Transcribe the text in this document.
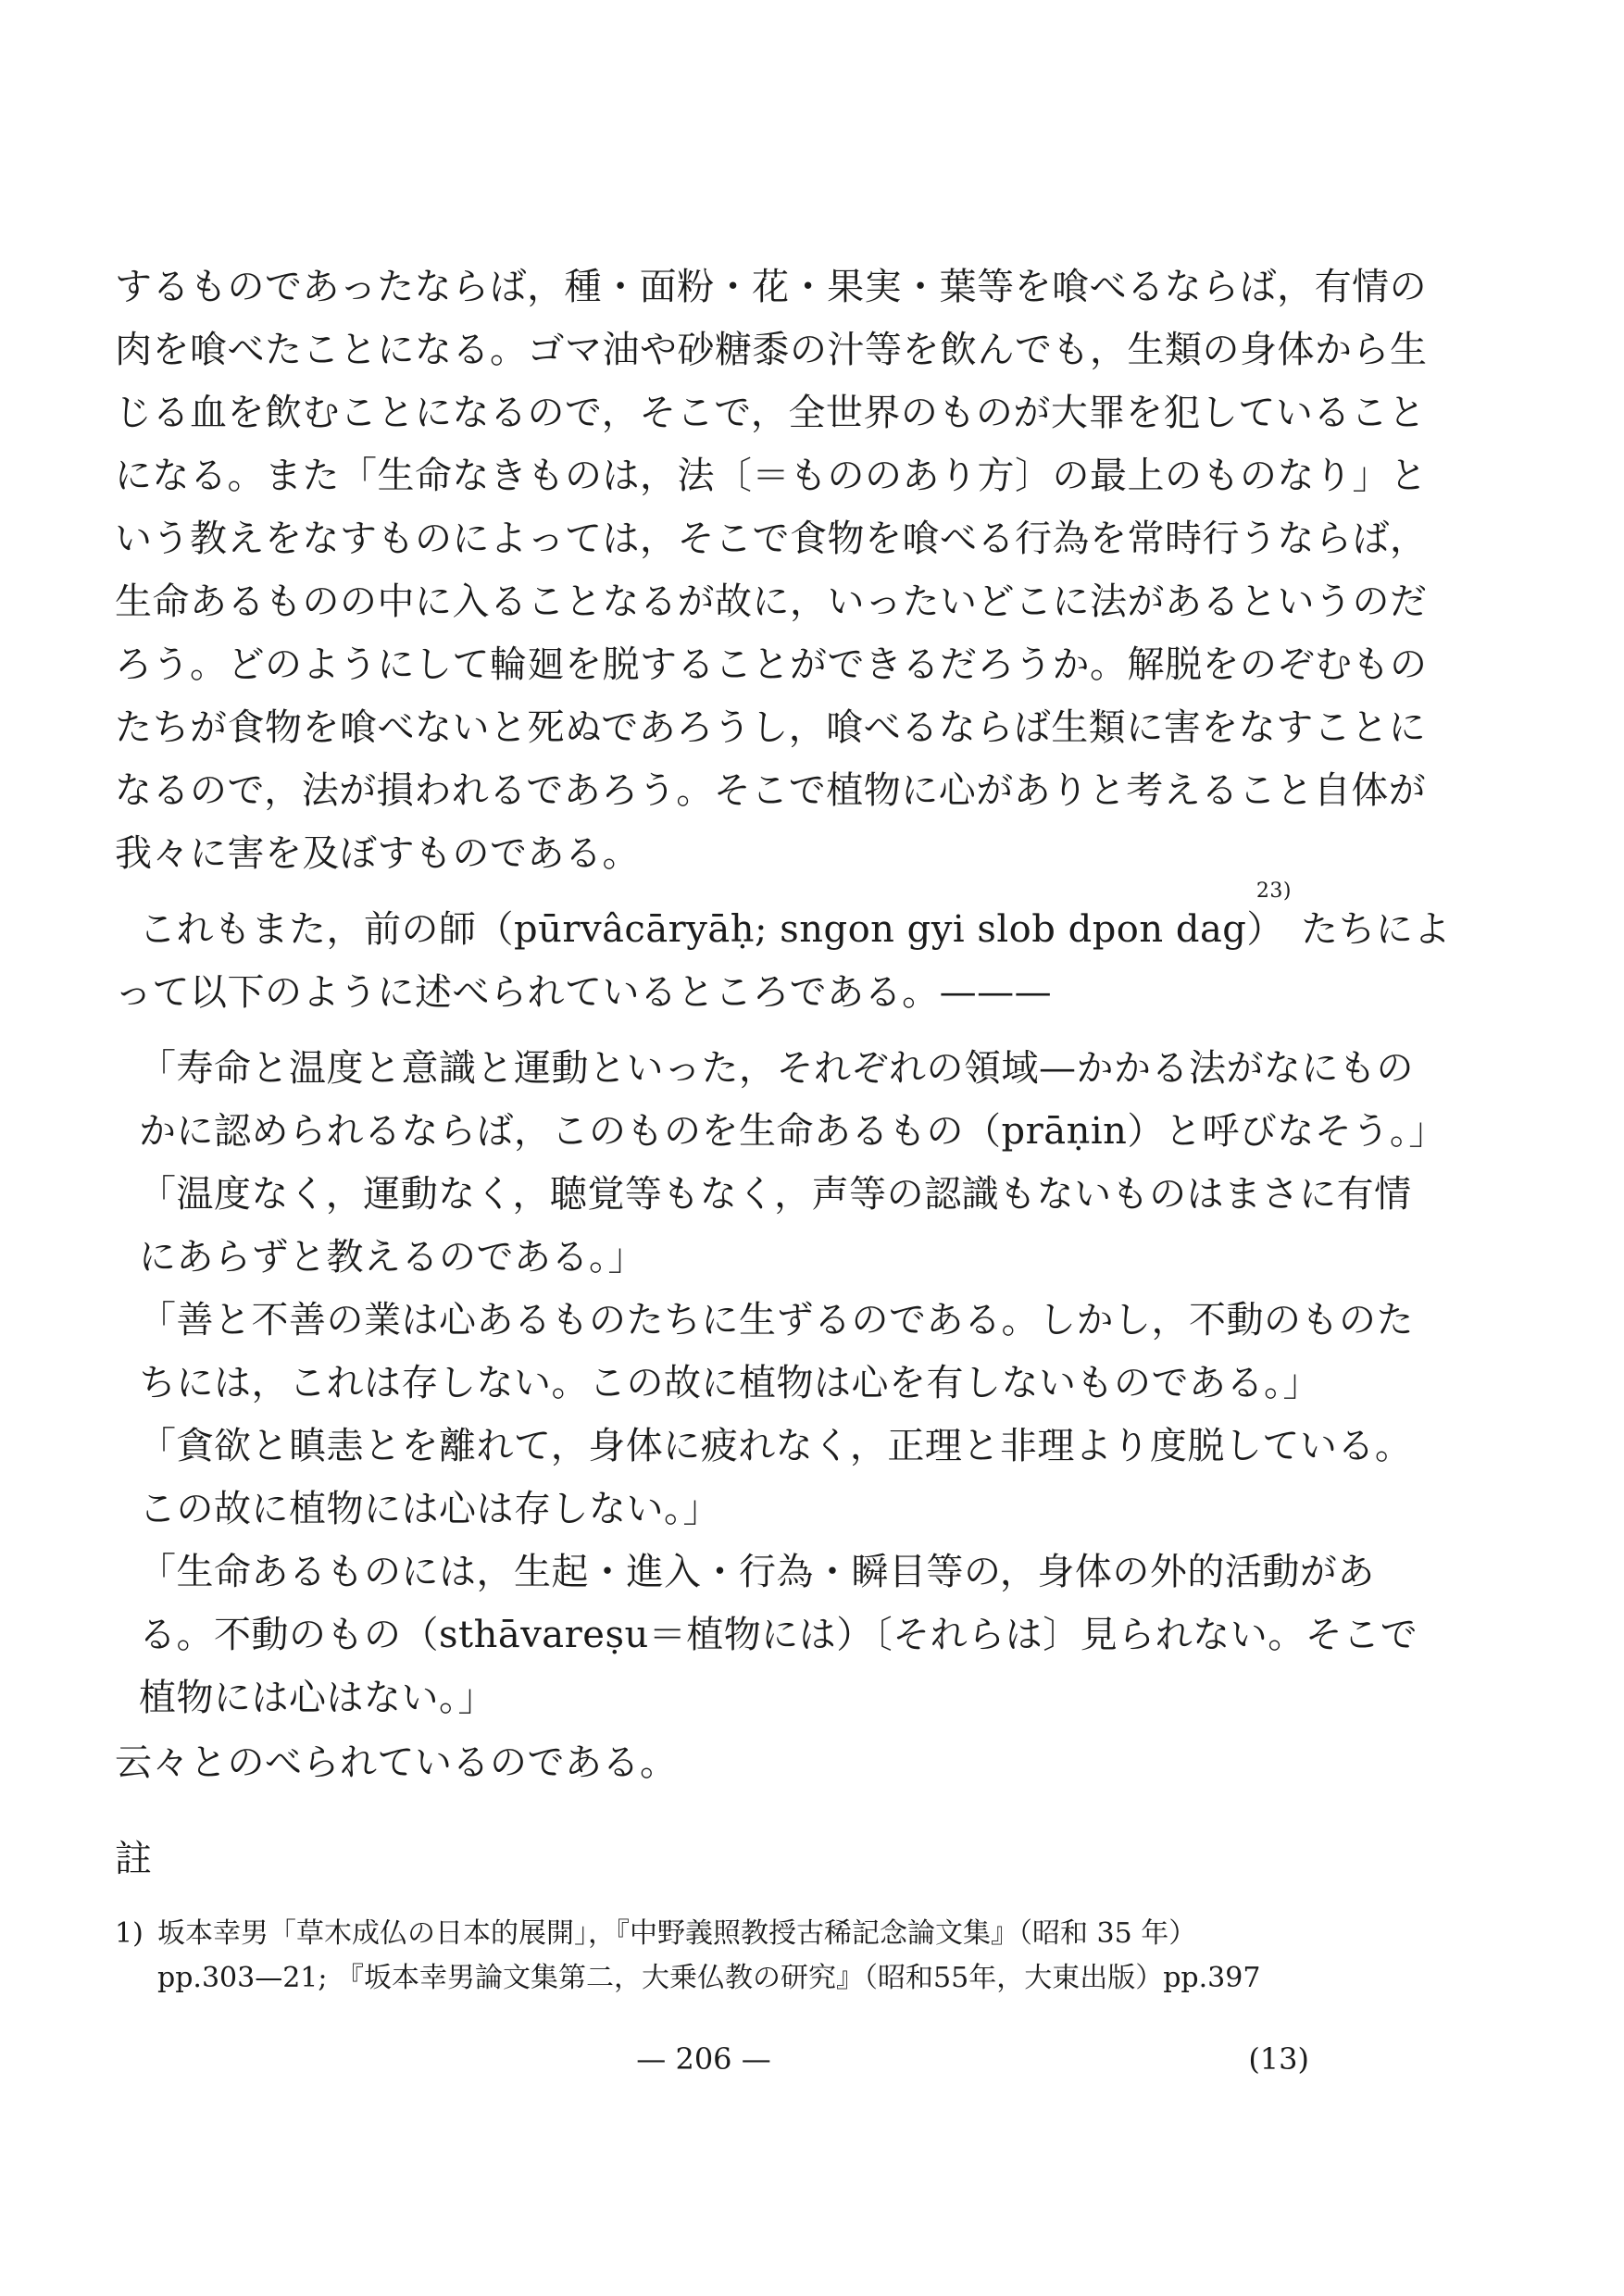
するものであったならば，種・面粉・花・果実・葉等を喰べるならば，有情の
肉を喰べたことになる。ゴマ油や砂糖黍の汁等を飲んでも，生類の身体から生
じる血を飲むことになるので，そこで，全世界のものが大罪を犯していること
になる。また「生命なきものは，法〔＝もののあり方〕の最上のものなり」と
いう教えをなすものによっては，そこで食物を喰べる行為を常時行うならば，
生命あるものの中に入ることなるが故に，いったいどこに法があるというのだ
ろう。どのようにして輪廻を脱することができるだろうか。解脱をのぞむもの
たちが食物を喰べないと死ぬであろうし，喰べるならば生類に害をなすことに
なるので，法が損われるであろう。そこで植物に心がありと考えること自体が
我々に害を及ぼすものである。
これもまた，前の師（pūrvâcāryāḥ; sngon gyi slob dpon dag）$^{23)}$たちによ
って以下のように述べられているところである。———
「寿命と温度と意識と運動といった，それぞれの領域—かかる法がなにもの
かに認められるならば，このものを生命あるもの（prāṇin）と呼びなそう。」
「温度なく，運動なく，聴覚等もなく，声等の認識もないものはまさに有情
にあらずと教えるのである。」
「善と不善の業は心あるものたちに生ずるのである。しかし，不動のものた
ちには，これは存しない。この故に植物は心を有しないものである。」
「貪欲と瞋恚とを離れて，身体に疲れなく，正理と非理より度脱している。
この故に植物には心は存しない。」
「生命あるものには，生起・進入・行為・瞬目等の，身体の外的活動があ
る。不動のもの（sthāvareṣu＝植物には）〔それらは〕見られない。そこで
植物には心はない。」
云々とのべられているのである。
註
1) 坂本幸男「草木成仏の日本的展開」，『中野義照教授古稀記念論文集』（昭和 35 年）
pp.303—21; 『坂本幸男論文集第二，大乗仏教の研究』（昭和55年，大東出版）pp.397
— 206 —	(13)
